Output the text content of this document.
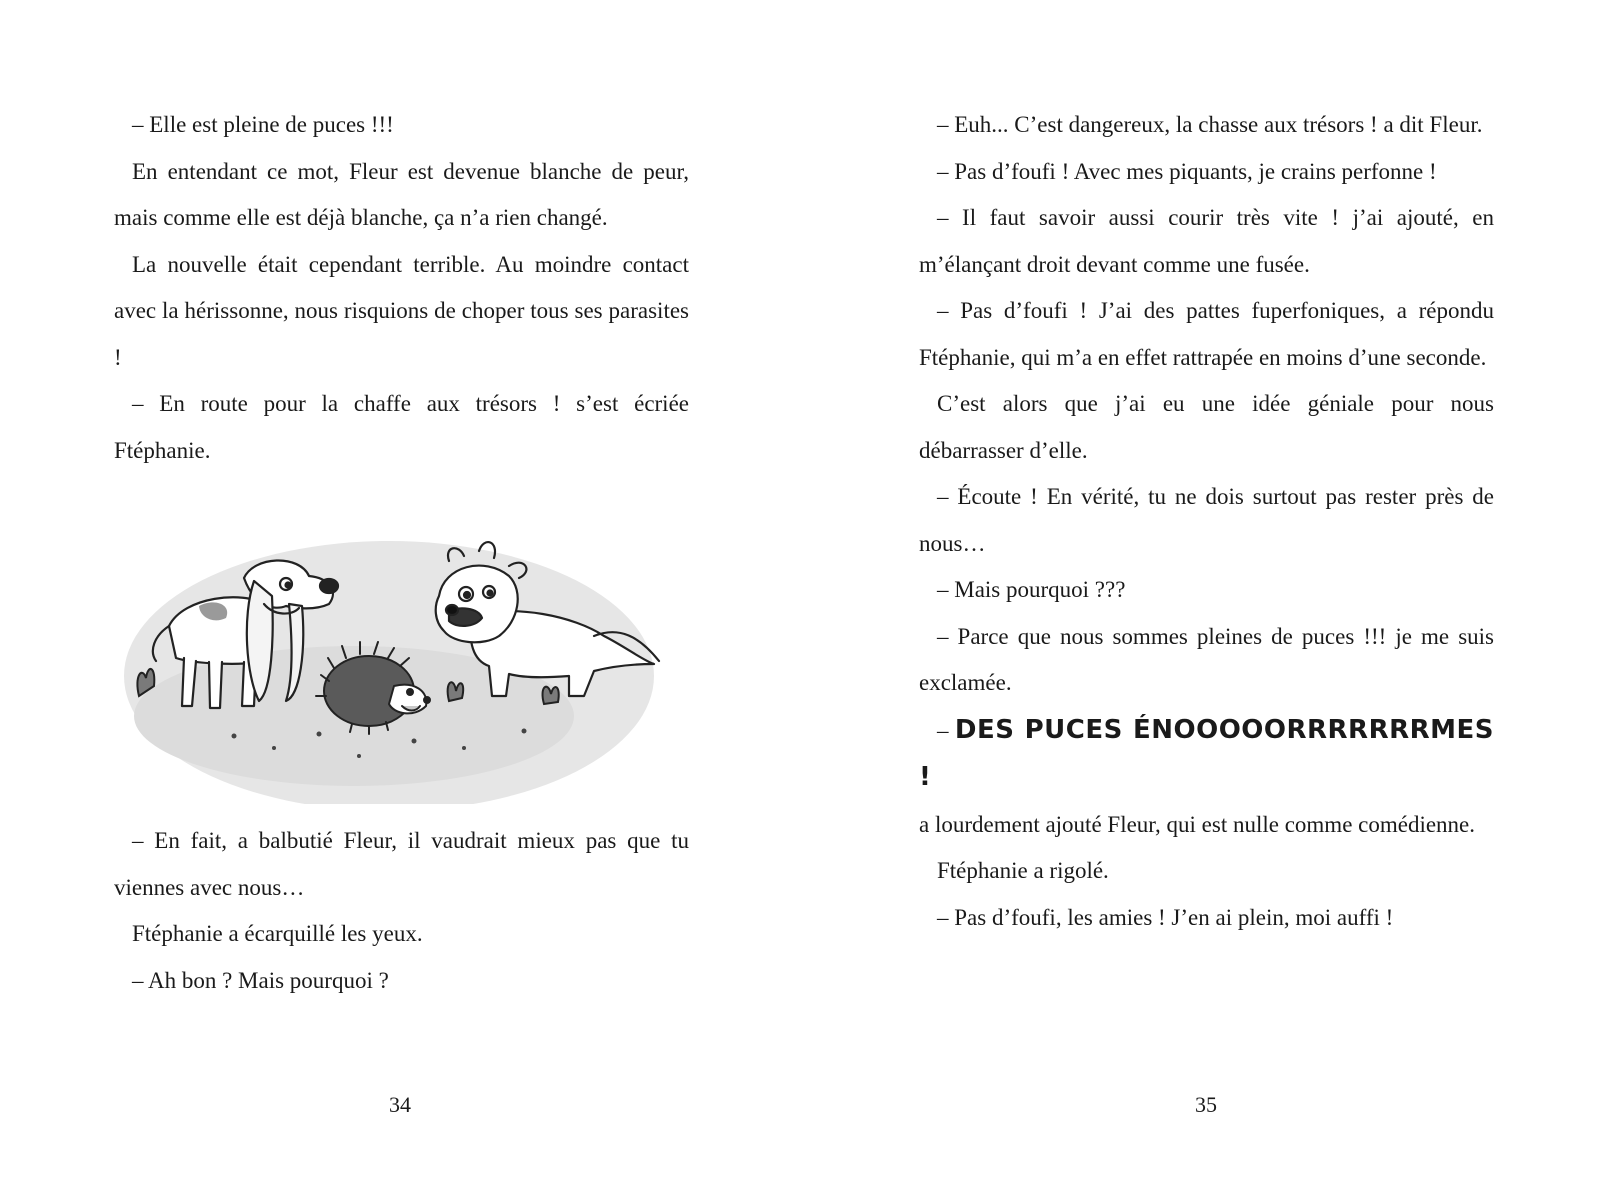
– Elle est pleine de puces !!!

En entendant ce mot, Fleur est devenue blanche de peur, mais comme elle est déjà blanche, ça n’a rien changé.

La nouvelle était cependant terrible. Au moindre contact avec la hérissonne, nous risquions de choper tous ses parasites !

– En route pour la chaffe aux trésors ! s’est écriée Ftéphanie.

– En fait, a balbutié Fleur, il vaudrait mieux pas que tu viennes avec nous…

Ftéphanie a écarquillé les yeux.

– Ah bon ? Mais pourquoi ?

34

– Euh... C’est dangereux, la chasse aux trésors ! a dit Fleur.

– Pas d’foufi ! Avec mes piquants, je crains perfonne !

– Il faut savoir aussi courir très vite ! j’ai ajouté, en m’élançant droit devant comme une fusée.

– Pas d’foufi ! J’ai des pattes fuperfoniques, a répondu Ftéphanie, qui m’a en effet rattrapée en moins d’une seconde.

C’est alors que j’ai eu une idée géniale pour nous débarrasser d’elle.

– Écoute ! En vérité, tu ne dois surtout pas rester près de nous…

– Mais pourquoi ???

– Parce que nous sommes pleines de puces !!! je me suis exclamée.

– DES PUCES ÉNOOOOORRRRRRRMES !

a lourdement ajouté Fleur, qui est nulle comme comédienne.

Ftéphanie a rigolé.

– Pas d’foufi, les amies ! J’en ai plein, moi auffi !

35
